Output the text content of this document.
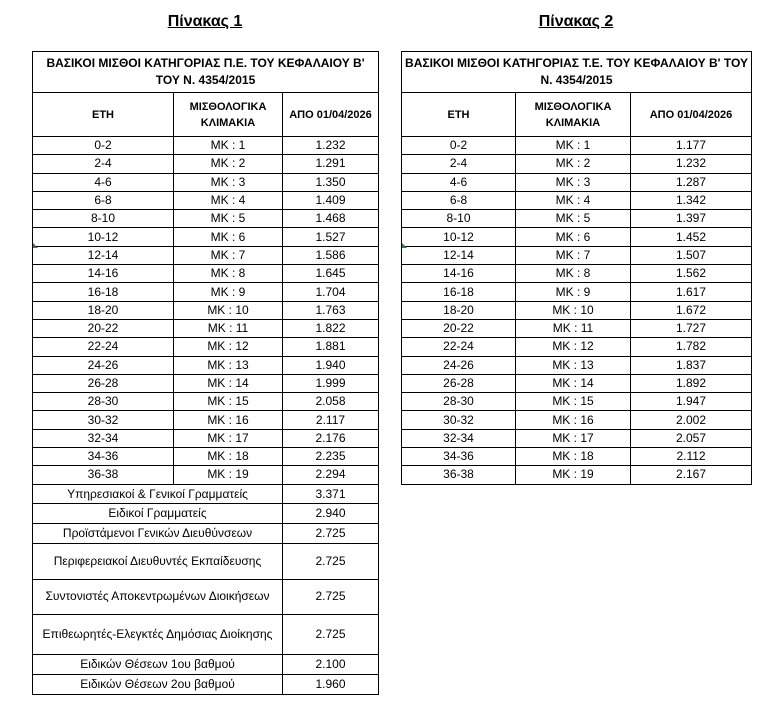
Πίνακας 1	Πίνακας 2
ΒΑΣΙΚΟΙ ΜΙΣΘΟΙ ΚΑΤΗΓΟΡΙΑΣ Π.Ε. ΤΟΥ ΚΕΦΑΛΑΙΟΥ Β' ΤΟΥ Ν. 4354/2015		
ΕΤΗ	ΜΙΣΘΟΛΟΓΙΚΑ ΚΛΙΜΑΚΙΑ	ΑΠΟ 01/04/2026
0-2	ΜΚ : 1	1.232
2-4	ΜΚ : 2	1.291
4-6	ΜΚ : 3	1.350
6-8	ΜΚ : 4	1.409
8-10	ΜΚ : 5	1.468
10-12	ΜΚ : 6	1.527
12-14	ΜΚ : 7	1.586
14-16	ΜΚ : 8	1.645
16-18	ΜΚ : 9	1.704
18-20	ΜΚ : 10	1.763
20-22	ΜΚ : 11	1.822
22-24	ΜΚ : 12	1.881
24-26	ΜΚ : 13	1.940
26-28	ΜΚ : 14	1.999
28-30	ΜΚ : 15	2.058
30-32	ΜΚ : 16	2.117
32-34	ΜΚ : 17	2.176
34-36	ΜΚ : 18	2.235
36-38	ΜΚ : 19	2.294
Υπηρεσιακοί & Γενικοί Γραμματείς		3.371
Ειδικοί Γραμματείς		2.940
Προϊστάμενοι Γενικών Διευθύνσεων		2.725
Περιφερειακοί Διευθυντές Εκπαίδευσης		2.725
Συντονιστές Αποκεντρωμένων Διοικήσεων		2.725
Επιθεωρητές-Ελεγκτές Δημόσιας Διοίκησης		2.725
Ειδικών Θέσεων 1ου βαθμού		2.100
Ειδικών Θέσεων 2ου βαθμού		1.960
ΒΑΣΙΚΟΙ ΜΙΣΘΟΙ ΚΑΤΗΓΟΡΙΑΣ Τ.Ε. ΤΟΥ ΚΕΦΑΛΑΙΟΥ Β' ΤΟΥ Ν. 4354/2015		
ΕΤΗ	ΜΙΣΘΟΛΟΓΙΚΑ ΚΛΙΜΑΚΙΑ	ΑΠΟ 01/04/2026
0-2	ΜΚ : 1	1.177
2-4	ΜΚ : 2	1.232
4-6	ΜΚ : 3	1.287
6-8	ΜΚ : 4	1.342
8-10	ΜΚ : 5	1.397
10-12	ΜΚ : 6	1.452
12-14	ΜΚ : 7	1.507
14-16	ΜΚ : 8	1.562
16-18	ΜΚ : 9	1.617
18-20	ΜΚ : 10	1.672
20-22	ΜΚ : 11	1.727
22-24	ΜΚ : 12	1.782
24-26	ΜΚ : 13	1.837
26-28	ΜΚ : 14	1.892
28-30	ΜΚ : 15	1.947
30-32	ΜΚ : 16	2.002
32-34	ΜΚ : 17	2.057
34-36	ΜΚ : 18	2.112
36-38	ΜΚ : 19	2.167
